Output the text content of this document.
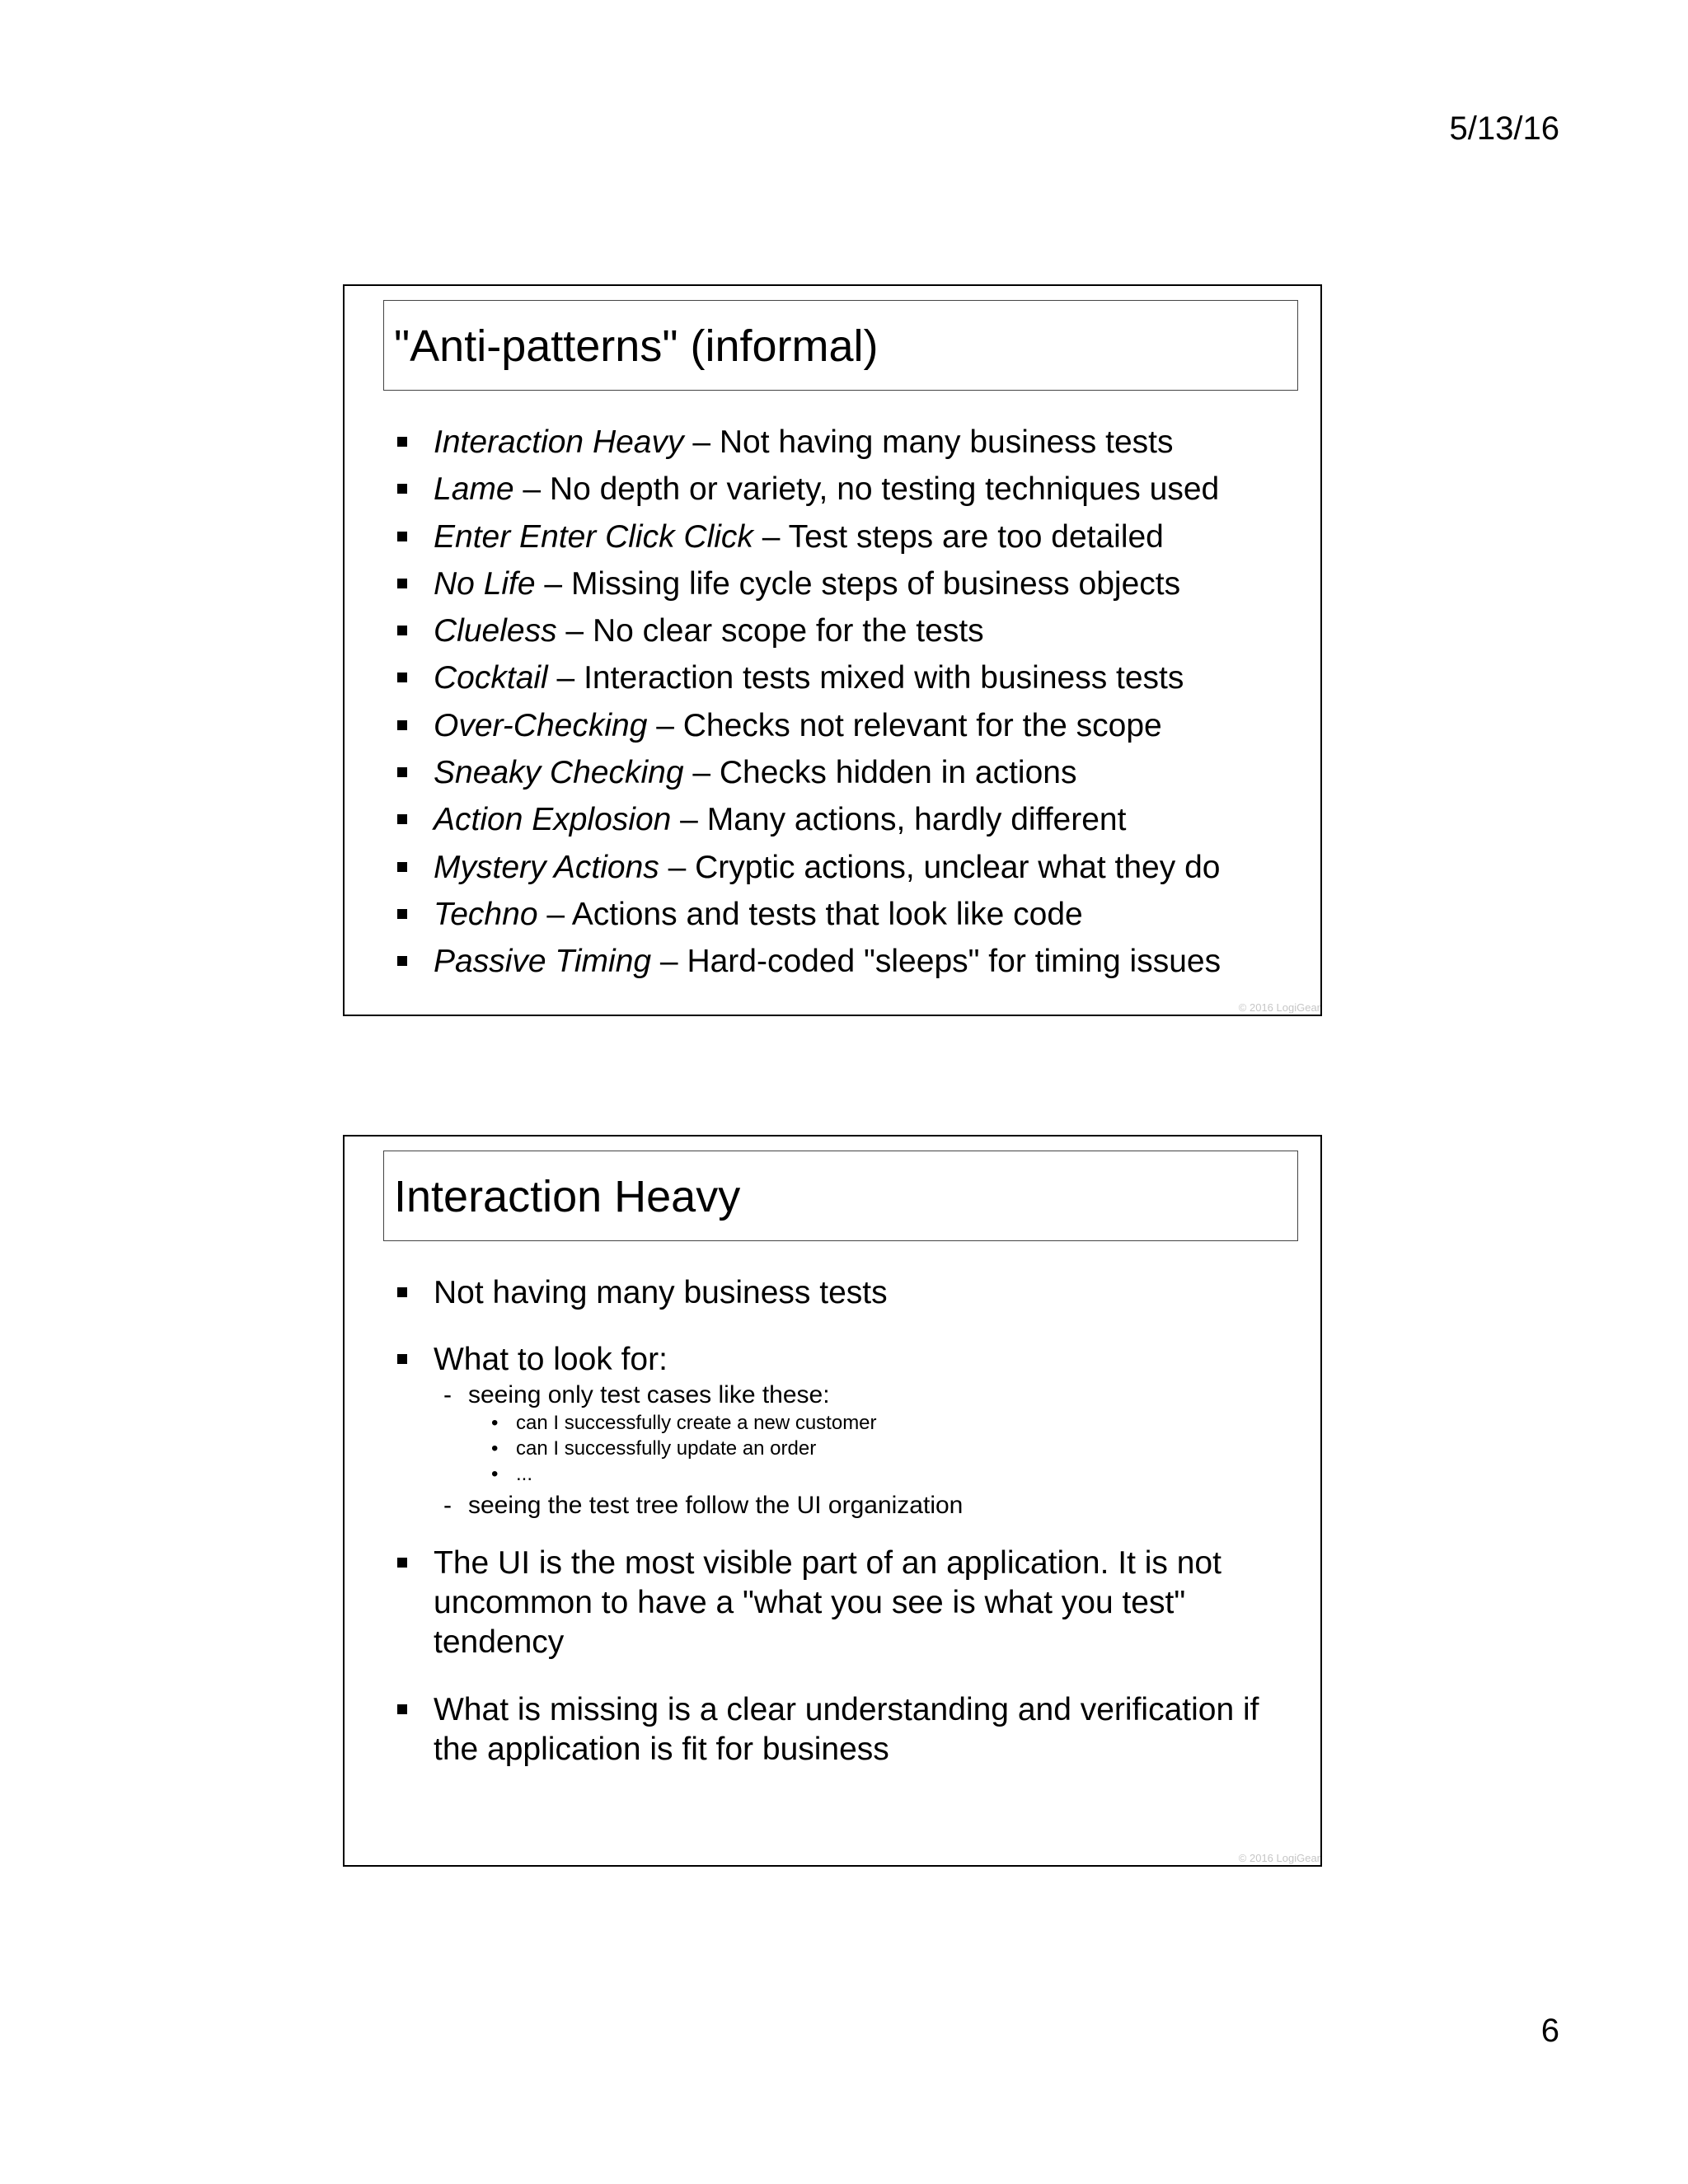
5/13/16
"Anti-patterns" (informal)
Interaction Heavy – Not having many business tests
Lame – No depth or variety, no testing techniques used
Enter Enter Click Click – Test steps are too detailed
No Life – Missing life cycle steps of business objects
Clueless – No clear scope for the tests
Cocktail – Interaction tests mixed with business tests
Over-Checking – Checks not relevant for the scope
Sneaky Checking – Checks hidden in actions
Action Explosion – Many actions, hardly different
Mystery Actions – Cryptic actions, unclear what they do
Techno – Actions and tests that look like code
Passive Timing – Hard-coded "sleeps" for timing issues
© 2016 LogiGear
Interaction Heavy
Not having many business tests
What to look for:
- seeing only test cases like these:
• can I successfully create a new customer
• can I successfully update an order
• ...
- seeing the test tree follow the UI organization
The UI is the most visible part of an application. It is not uncommon to have a "what you see is what you test" tendency
What is missing is a clear understanding and verification if the application is fit for business
© 2016 LogiGear
6
